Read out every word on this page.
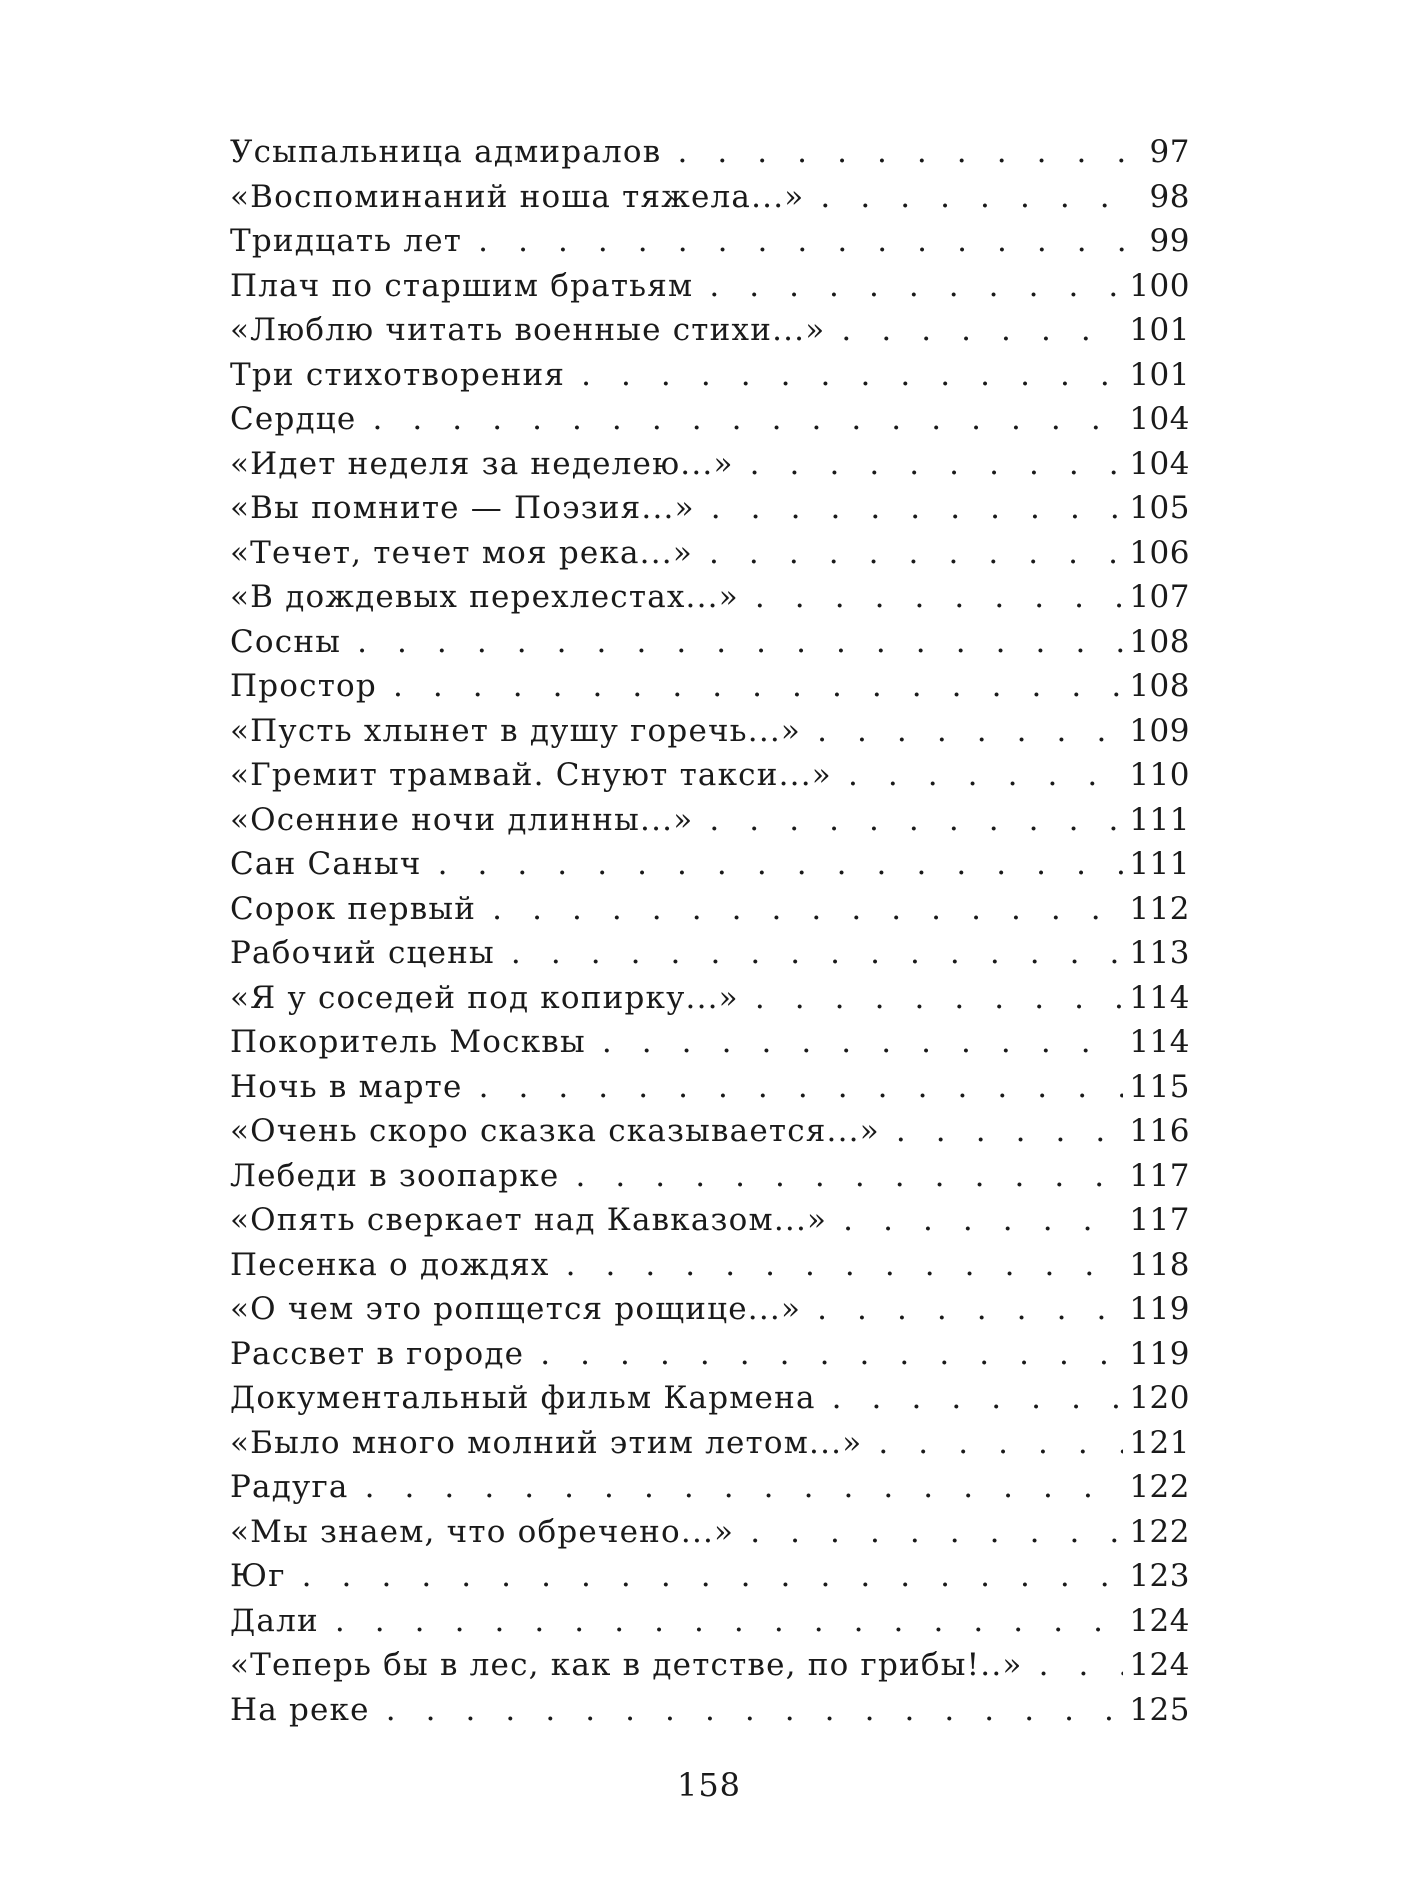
Усыпальница адмиралов . . .	97
«Воспоминаний ноша тяжела...» . . .	98
Тридцать лет . . .	99
Плач по старшим братьям . . .	100
«Люблю читать военные стихи...» . . .	101
Три стихотворения . . .	101
Сердце . . .	104
«Идет неделя за неделею...» . . .	104
«Вы помните — Поэзия...» . . .	105
«Течет, течет моя река...» . . .	106
«В дождевых перехлестах...» . . .	107
Сосны . . .	108
Простор . . .	108
«Пусть хлынет в душу горечь...» . . .	109
«Гремит трамвай. Снуют такси...» . . .	110
«Осенние ночи длинны...» . . .	111
Сан Саныч . . .	111
Сорок первый . . .	112
Рабочий сцены . . .	113
«Я у соседей под копирку...» . . .	114
Покоритель Москвы . . .	114
Ночь в марте . . .	115
«Очень скоро сказка сказывается...» . . .	116
Лебеди в зоопарке . . .	117
«Опять сверкает над Кавказом...» . . .	117
Песенка о дождях . . .	118
«О чем это ропщется рощице...» . . .	119
Рассвет в городе . . .	119
Документальный фильм Кармена . . .	120
«Было много молний этим летом...» . . .	121
Радуга . . .	122
«Мы знаем, что обречено...» . . .	122
Юг . . .	123
Дали . . .	124
«Теперь бы в лес, как в детстве, по грибы!..» . . .	124
На реке . . .	125
158
